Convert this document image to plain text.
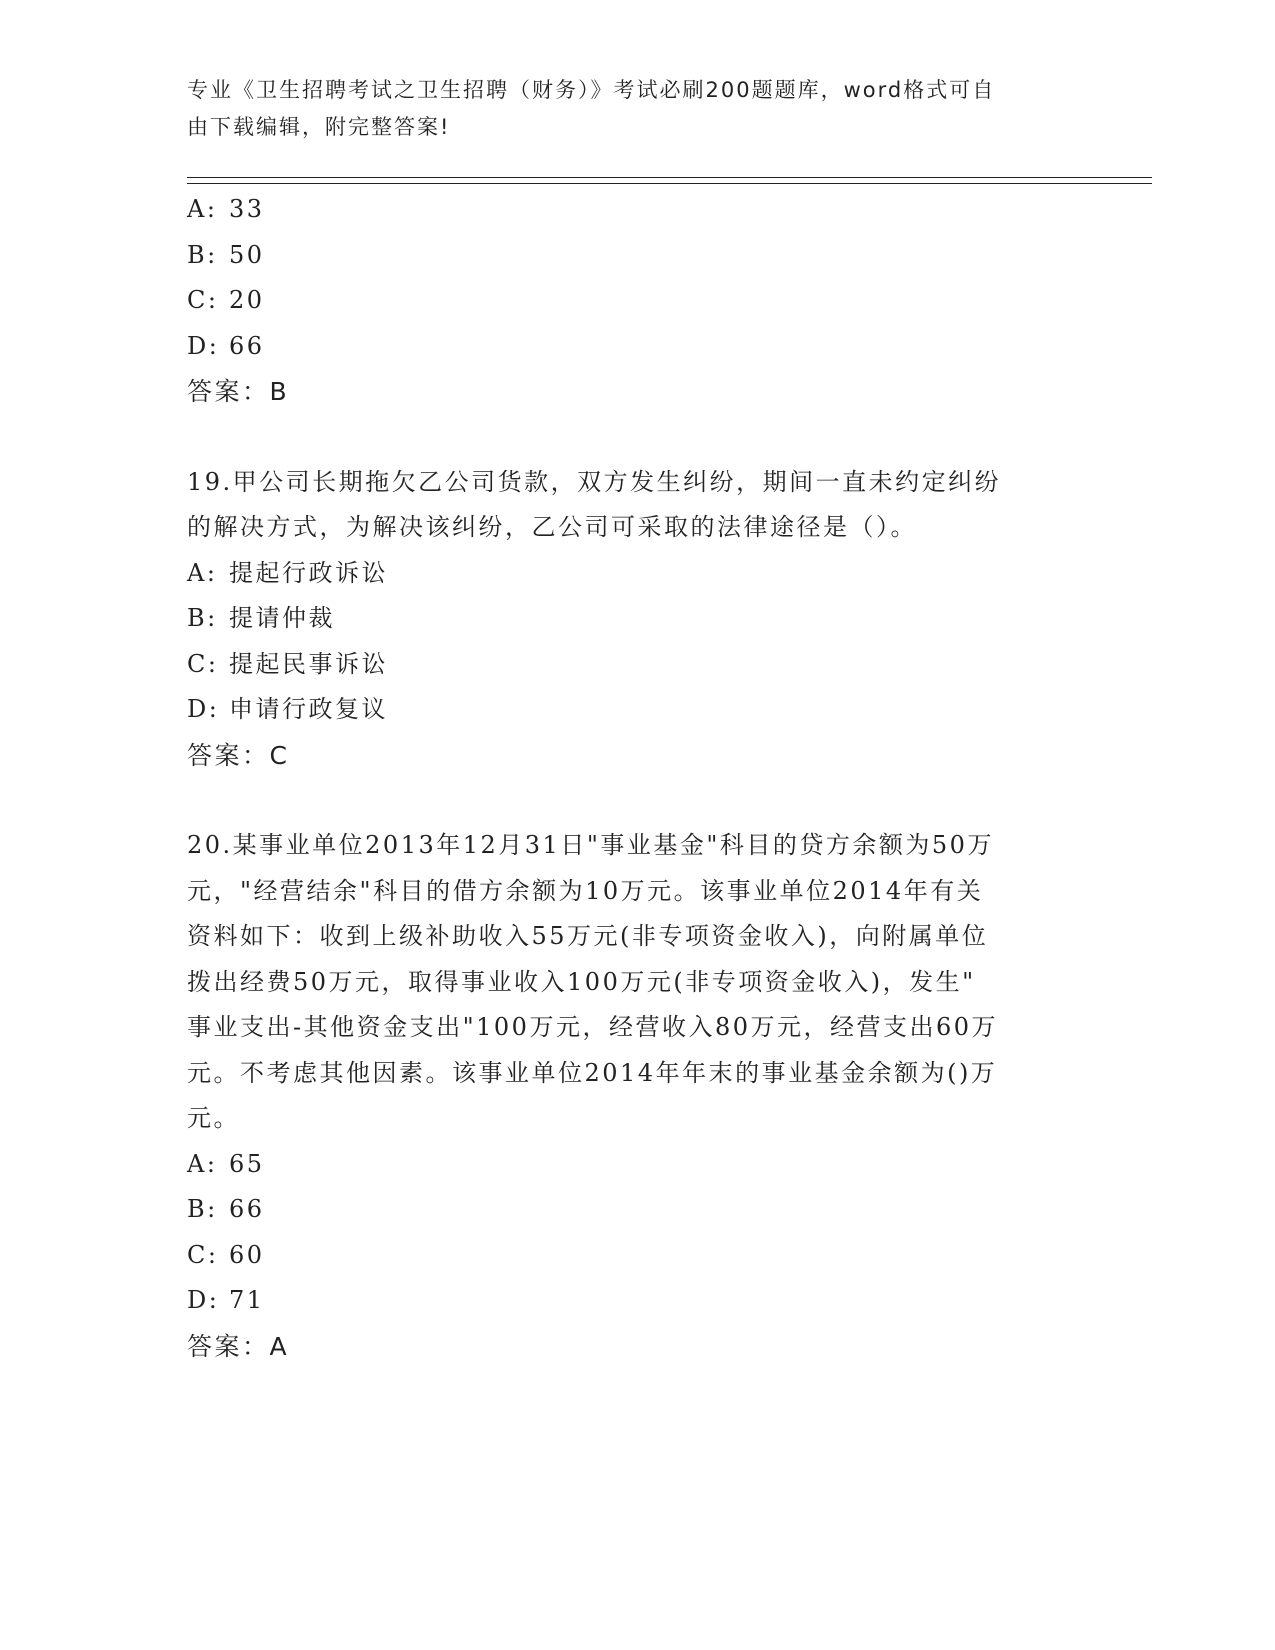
专业《卫生招聘考试之卫生招聘（财务）》考试必刷200题题库，word格式可自
由下载编辑，附完整答案!
A: 33
B: 50
C: 20
D: 66
答案：B
19.甲公司长期拖欠乙公司货款，双方发生纠纷，期间一直未约定纠纷
的解决方式，为解决该纠纷，乙公司可采取的法律途径是（）。
A: 提起行政诉讼
B: 提请仲裁
C: 提起民事诉讼
D: 申请行政复议
答案：C
20.某事业单位2013年12月31日"事业基金"科目的贷方余额为50万
元，"经营结余"科目的借方余额为10万元。该事业单位2014年有关
资料如下：收到上级补助收入55万元(非专项资金收入)，向附属单位
拨出经费50万元，取得事业收入100万元(非专项资金收入)，发生"
事业支出-其他资金支出"100万元，经营收入80万元，经营支出60万
元。不考虑其他因素。该事业单位2014年年末的事业基金余额为()万
元。
A: 65
B: 66
C: 60
D: 71
答案：A
